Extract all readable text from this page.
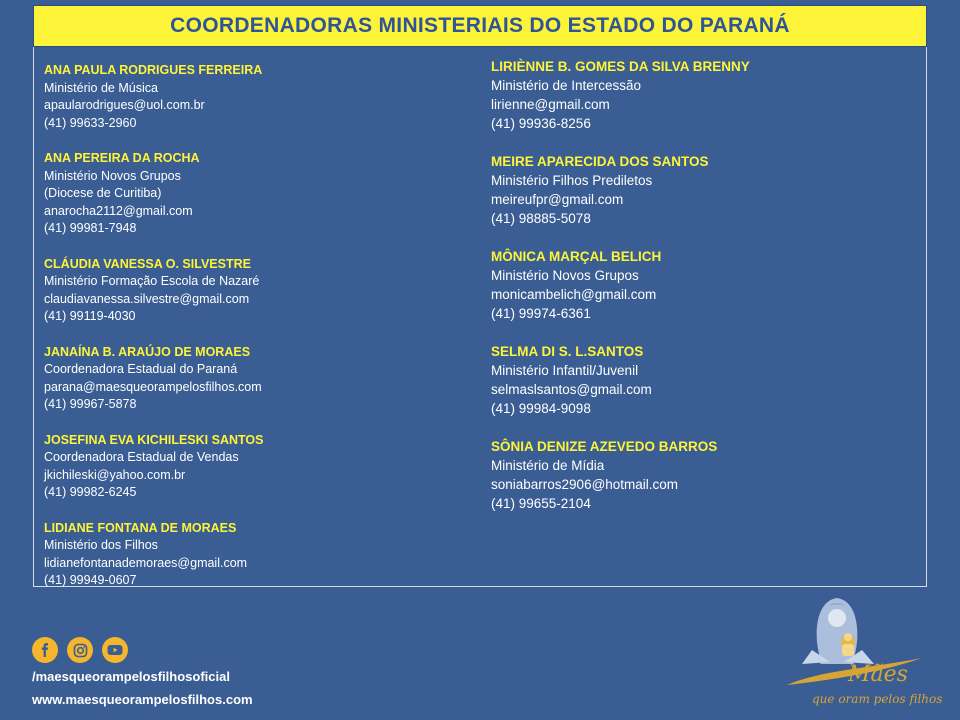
COORDENADORAS MINISTERIAIS DO ESTADO DO PARANÁ
ANA PAULA RODRIGUES FERREIRA
Ministério de Música
apaularodrigues@uol.com.br
(41) 99633-2960
ANA PEREIRA DA ROCHA
Ministério Novos Grupos
(Diocese de Curitiba)
anarocha2112@gmail.com
(41) 99981-7948
CLÁUDIA VANESSA O. SILVESTRE
Ministério Formação Escola de Nazaré
claudiavanessa.silvestre@gmail.com
(41) 99119-4030
JANAÍNA B. ARAÚJO DE MORAES
Coordenadora Estadual do Paraná
parana@maesqueorampelosfilhos.com
(41) 99967-5878
JOSEFINA EVA KICHILESKI SANTOS
Coordenadora Estadual de Vendas
jkichileski@yahoo.com.br
(41) 99982-6245
LIDIANE FONTANA DE MORAES
Ministério dos Filhos
lidianefontanademoraes@gmail.com
(41) 99949-0607
LIRIÈNNE B. GOMES DA SILVA BRENNY
Ministério de Intercessão
lirienne@gmail.com
(41) 99936-8256
MEIRE APARECIDA DOS SANTOS
Ministério Filhos Prediletos
meireufpr@gmail.com
(41) 98885-5078
MÔNICA MARÇAL BELICH
Ministério Novos Grupos
monicambelich@gmail.com
(41) 99974-6361
SELMA DI S. L.SANTOS
Ministério Infantil/Juvenil
selmaslsantos@gmail.com
(41) 99984-9098
SÔNIA DENIZE AZEVEDO BARROS
Ministério de Mídia
soniabarros2906@hotmail.com
(41) 99655-2104
/maesqueorampelosfilhosoficial
www.maesqueorampelosfilhos.com
Mães
que oram pelos filhos
